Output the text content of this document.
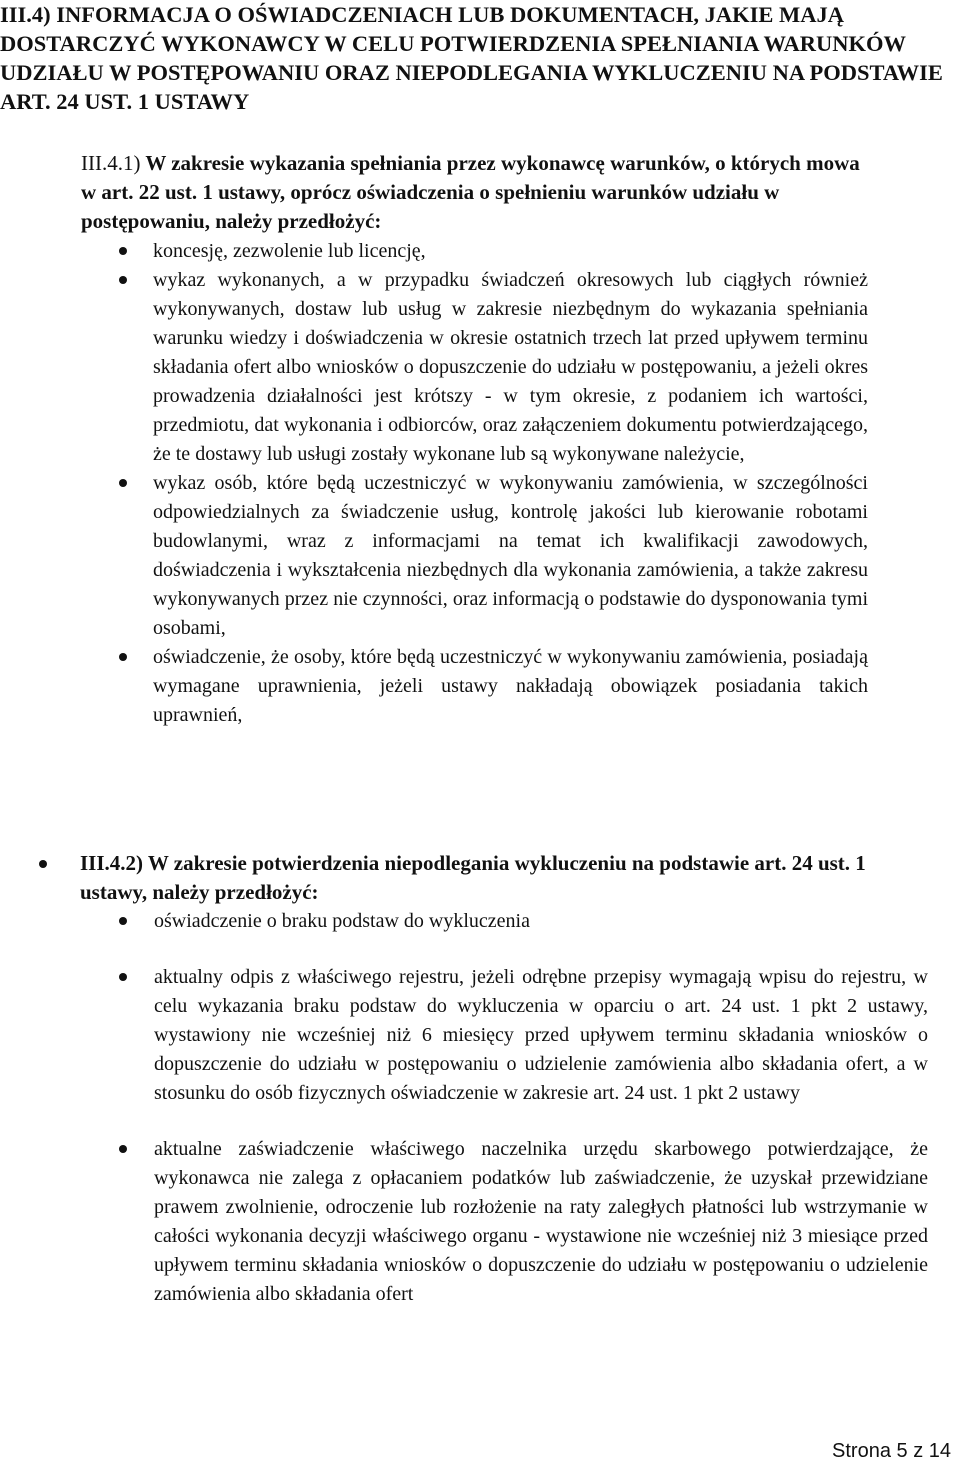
III.4) INFORMACJA O OŚWIADCZENIACH LUB DOKUMENTACH, JAKIE MAJĄ DOSTARCZYĆ WYKONAWCY W CELU POTWIERDZENIA SPEŁNIANIA WARUNKÓW UDZIAŁU W POSTĘPOWANIU ORAZ NIEPODLEGANIA WYKLUCZENIU NA PODSTAWIE ART. 24 UST. 1 USTAWY

III.4.1) W zakresie wykazania spełniania przez wykonawcę warunków, o których mowa w art. 22 ust. 1 ustawy, oprócz oświadczenia o spełnieniu warunków udziału w postępowaniu, należy przedłożyć:

koncesję, zezwolenie lub licencję,
wykaz wykonanych, a w przypadku świadczeń okresowych lub ciągłych również wykonywanych, dostaw lub usług w zakresie niezbędnym do wykazania spełniania warunku wiedzy i doświadczenia w okresie ostatnich trzech lat przed upływem terminu składania ofert albo wniosków o dopuszczenie do udziału w postępowaniu, a jeżeli okres prowadzenia działalności jest krótszy - w tym okresie, z podaniem ich wartości, przedmiotu, dat wykonania i odbiorców, oraz załączeniem dokumentu potwierdzającego, że te dostawy lub usługi zostały wykonane lub są wykonywane należycie,
wykaz osób, które będą uczestniczyć w wykonywaniu zamówienia, w szczególności odpowiedzialnych za świadczenie usług, kontrolę jakości lub kierowanie robotami budowlanymi, wraz z informacjami na temat ich kwalifikacji zawodowych, doświadczenia i wykształcenia niezbędnych dla wykonania zamówienia, a także zakresu wykonywanych przez nie czynności, oraz informacją o podstawie do dysponowania tymi osobami,
oświadczenie, że osoby, które będą uczestniczyć w wykonywaniu zamówienia, posiadają wymagane uprawnienia, jeżeli ustawy nakładają obowiązek posiadania takich uprawnień,
III.4.2) W zakresie potwierdzenia niepodlegania wykluczeniu na podstawie art. 24 ust. 1 ustawy, należy przedłożyć:
oświadczenie o braku podstaw do wykluczenia
aktualny odpis z właściwego rejestru, jeżeli odrębne przepisy wymagają wpisu do rejestru, w celu wykazania braku podstaw do wykluczenia w oparciu o art. 24 ust. 1 pkt 2 ustawy, wystawiony nie wcześniej niż 6 miesięcy przed upływem terminu składania wniosków o dopuszczenie do udziału w postępowaniu o udzielenie zamówienia albo składania ofert, a w stosunku do osób fizycznych oświadczenie w zakresie art. 24 ust. 1 pkt 2 ustawy
aktualne zaświadczenie właściwego naczelnika urzędu skarbowego potwierdzające, że wykonawca nie zalega z opłacaniem podatków lub zaświadczenie, że uzyskał przewidziane prawem zwolnienie, odroczenie lub rozłożenie na raty zaległych płatności lub wstrzymanie w całości wykonania decyzji właściwego organu - wystawione nie wcześniej niż 3 miesiące przed upływem terminu składania wniosków o dopuszczenie do udziału w postępowaniu o udzielenie zamówienia albo składania ofert
Strona 5 z 14
